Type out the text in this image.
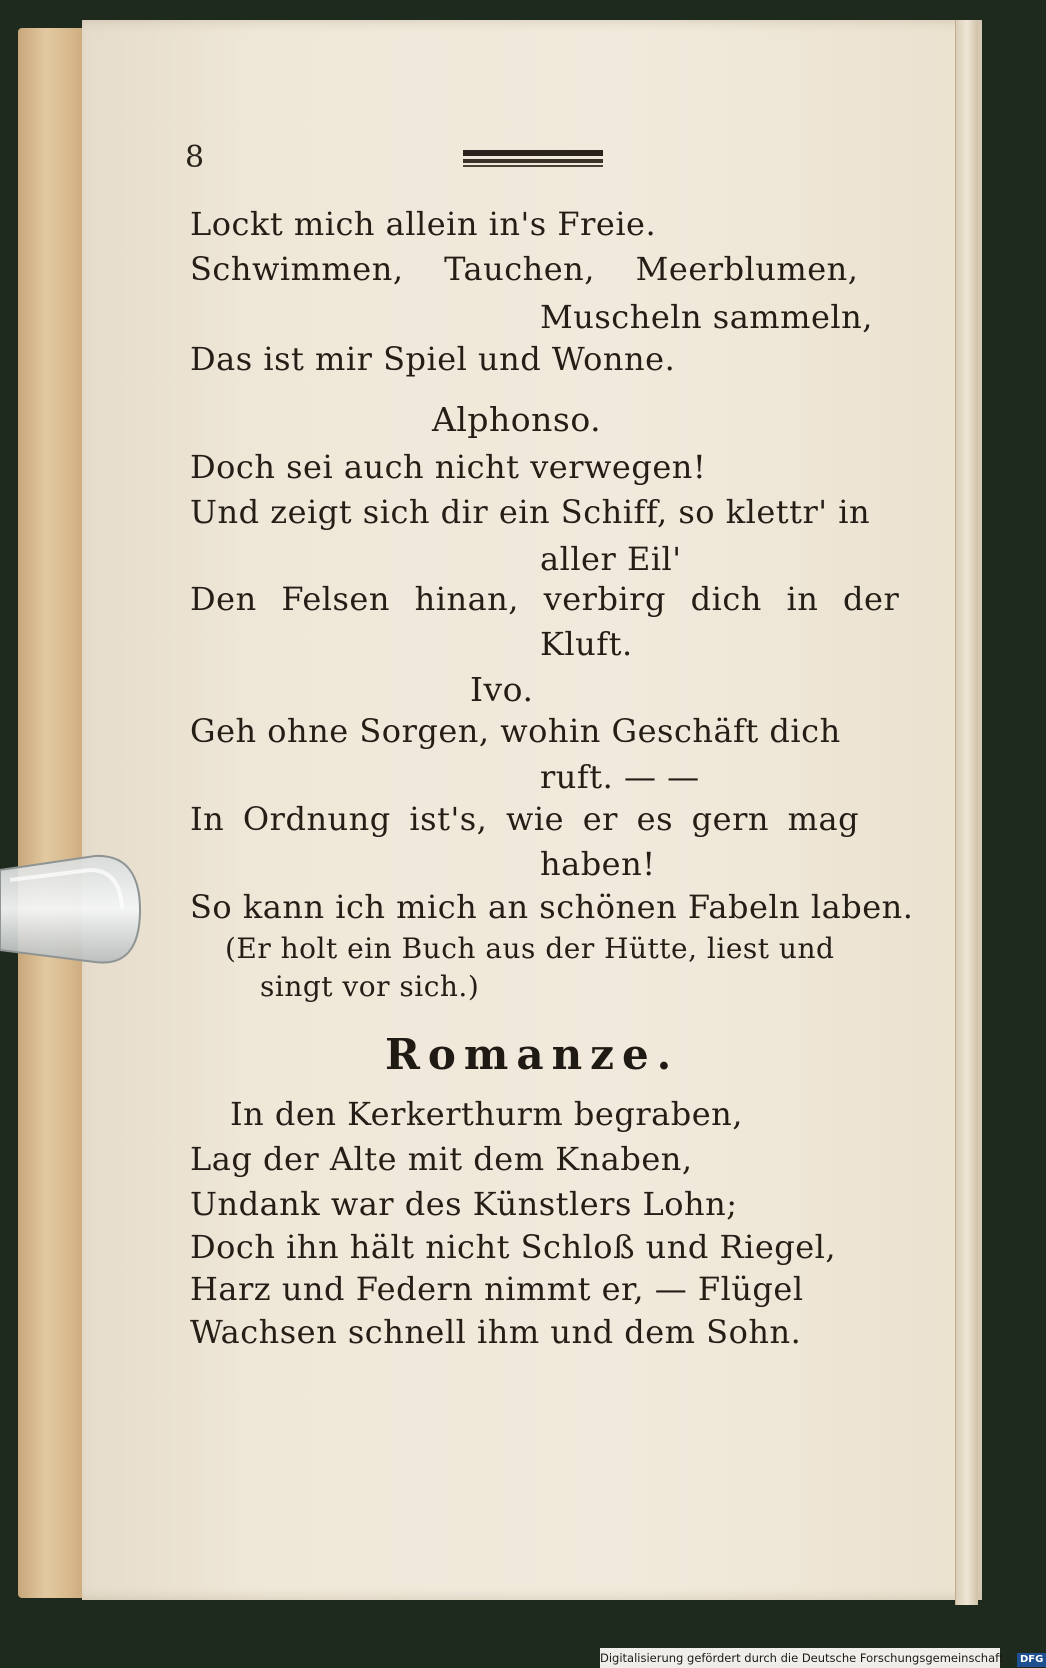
8
Lockt mich allein in's Freie.
Schwimmen, Tauchen, Meerblumen,
Muscheln sammeln,
Das ist mir Spiel und Wonne.
Alphonso.
Doch sei auch nicht verwegen!
Und zeigt sich dir ein Schiff, so klettr' in
aller Eil'
Den Felsen hinan, verbirg dich in der
Kluft.
Ivo.
Geh ohne Sorgen, wohin Geschäft dich
ruft. — —
In Ordnung ist's, wie er es gern mag
haben!
So kann ich mich an schönen Fabeln laben.
(Er holt ein Buch aus der Hütte, liest und
singt vor sich.)
Romanze.
In den Kerkerthurm begraben,
Lag der Alte mit dem Knaben,
Undank war des Künstlers Lohn;
Doch ihn hält nicht Schloß und Riegel,
Harz und Federn nimmt er, — Flügel
Wachsen schnell ihm und dem Sohn.
Digitalisierung gefördert durch die Deutsche Forschungsgemeinschaft - DFG
